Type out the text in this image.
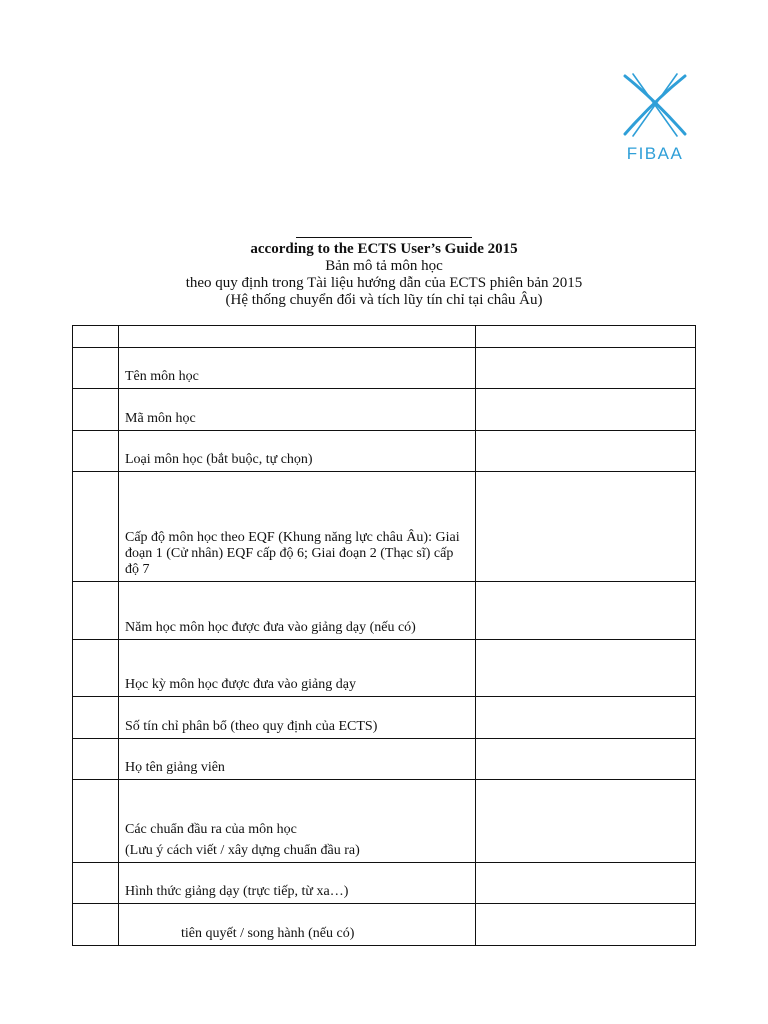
FIBAA
according to the ECTS User’s Guide 2015
Bản mô tả môn học
theo quy định trong Tài liệu hướng dẫn của ECTS phiên bản 2015
(Hệ thống chuyển đổi và tích lũy tín chỉ tại châu Âu)

	Tên môn học	
	Mã môn học	
	Loại môn học (bắt buộc, tự chọn)	
	Cấp độ môn học theo EQF (Khung năng lực châu Âu): Giai đoạn 1 (Cử nhân) EQF cấp độ 6; Giai đoạn 2 (Thạc sĩ) cấp độ 7	
	Năm học môn học được đưa vào giảng dạy (nếu có)	
	Học kỳ môn học được đưa vào giảng dạy	
	Số tín chỉ phân bổ (theo quy định của ECTS)	
	Họ tên giảng viên	
	Các chuẩn đầu ra của môn học
(Lưu ý cách viết / xây dựng chuẩn đầu ra)	

	Hình thức giảng dạy (trực tiếp, từ xa…)	
	tiên quyết / song hành (nếu có)	
